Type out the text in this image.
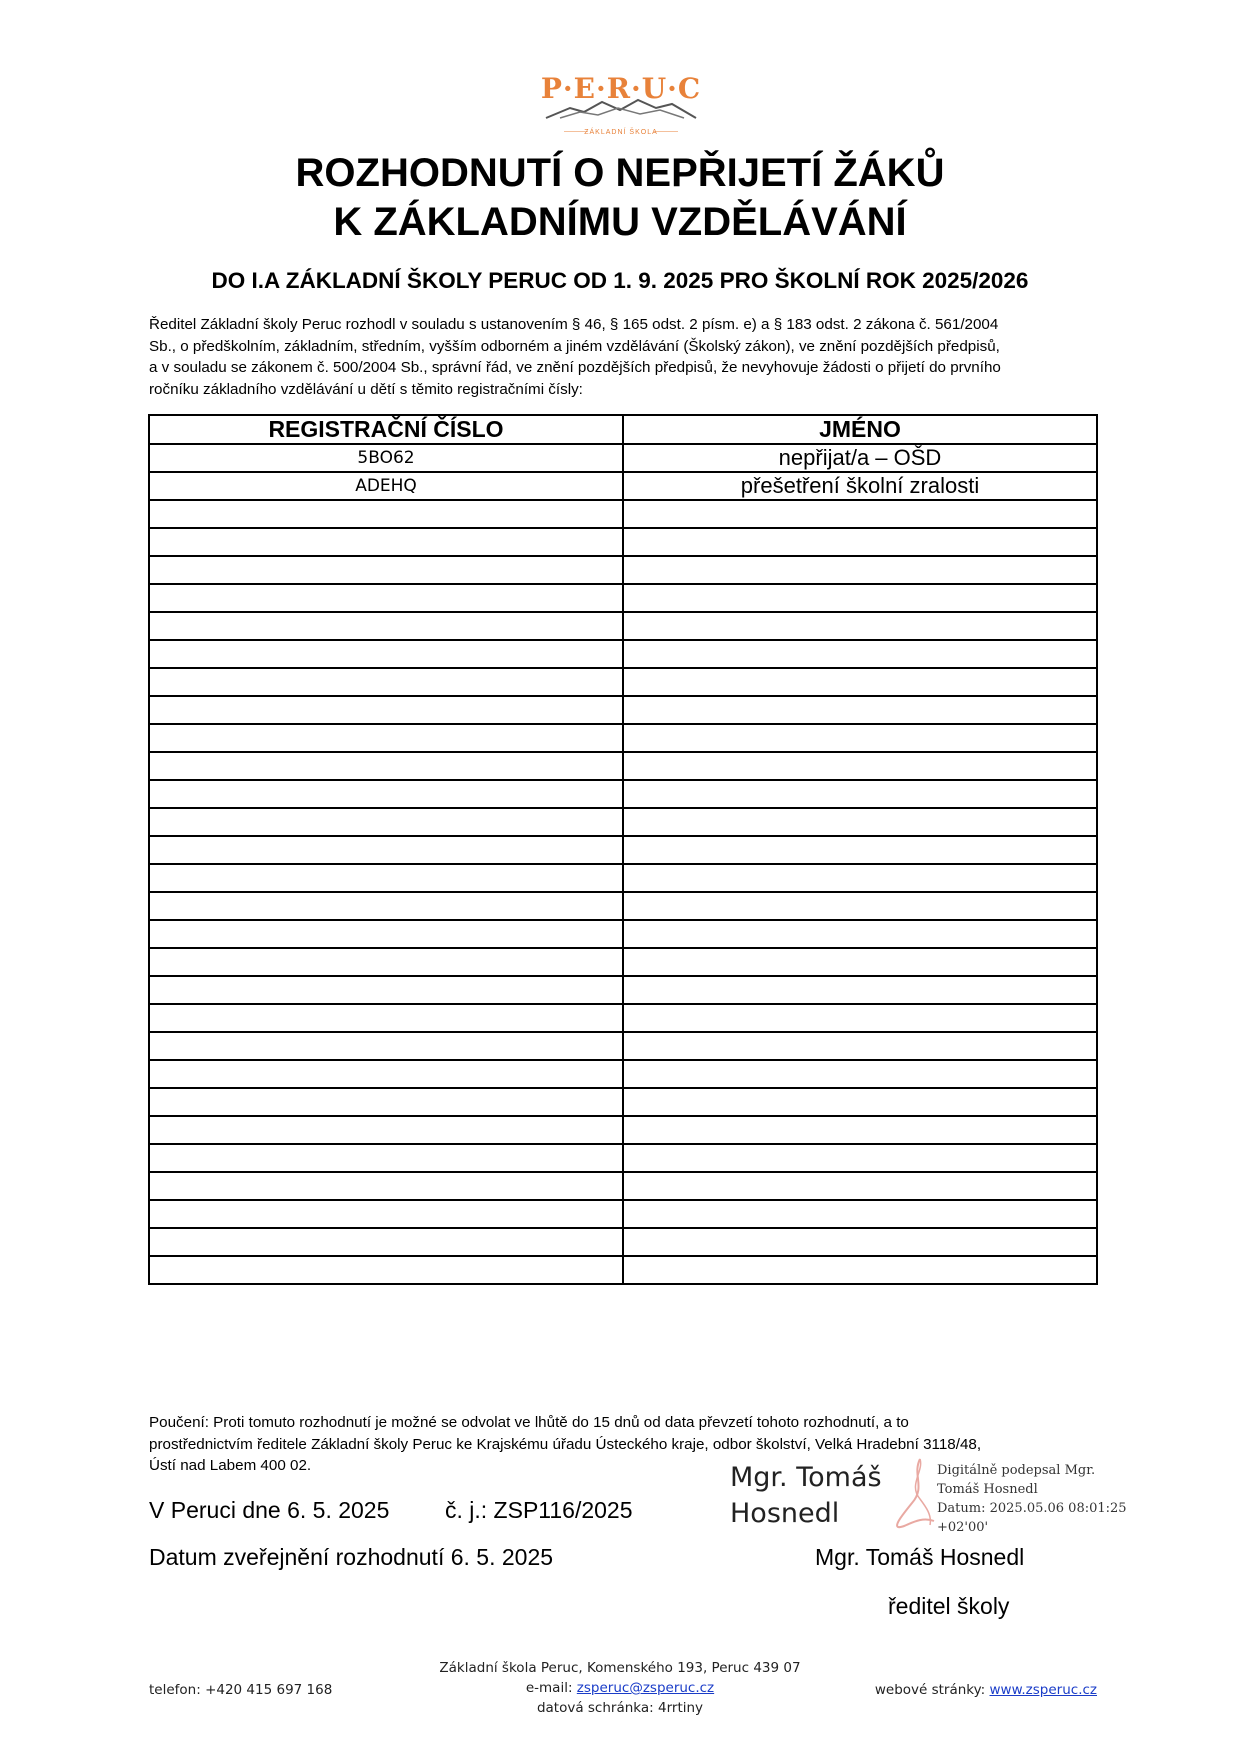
P·E·R·U·C
ZÁKLADNÍ ŠKOLA
ROZHODNUTÍ O NEPŘIJETÍ ŽÁKŮ
K ZÁKLADNÍMU VZDĚLÁVÁNÍ
DO I.A ZÁKLADNÍ ŠKOLY PERUC OD 1. 9. 2025 PRO ŠKOLNÍ ROK 2025/2026
Ředitel Základní školy Peruc rozhodl v souladu s ustanovením § 46, § 165 odst. 2 písm. e) a § 183 odst. 2 zákona č. 561/2004
Sb., o předškolním, základním, středním, vyšším odborném a jiném vzdělávání (Školský zákon), ve znění pozdějších předpisů,
a v souladu se zákonem č. 500/2004 Sb., správní řád, ve znění pozdějších předpisů, že nevyhovuje žádosti o přijetí do prvního
ročníku základního vzdělávání u dětí s těmito registračními čísly:
REGISTRAČNÍ ČÍSLO	JMÉNO
5BO62	nepřijat/a – OŠD
ADEHQ	přešetření školní zralosti

Poučení: Proti tomuto rozhodnutí je možné se odvolat ve lhůtě do 15 dnů od data převzetí tohoto rozhodnutí, a to
prostřednictvím ředitele Základní školy Peruc ke Krajskému úřadu Ústeckého kraje, odbor školství, Velká Hradební 3118/48,
Ústí nad Labem 400 02.
V Peruci dne 6. 5. 2025 č. j.: ZSP116/2025
Datum zveřejnění rozhodnutí 6. 5. 2025
Mgr. Tomáš
Hosnedl
Digitálně podepsal Mgr.
Tomáš Hosnedl
Datum: 2025.05.06 08:01:25
+02'00'
Mgr. Tomáš Hosnedl
ředitel školy
Základní škola Peruc, Komenského 193, Peruc 439 07
telefon: +420 415 697 168	e-mail: zsperuc@zsperuc.cz	webové stránky: www.zsperuc.cz
datová schránka: 4rrtiny
